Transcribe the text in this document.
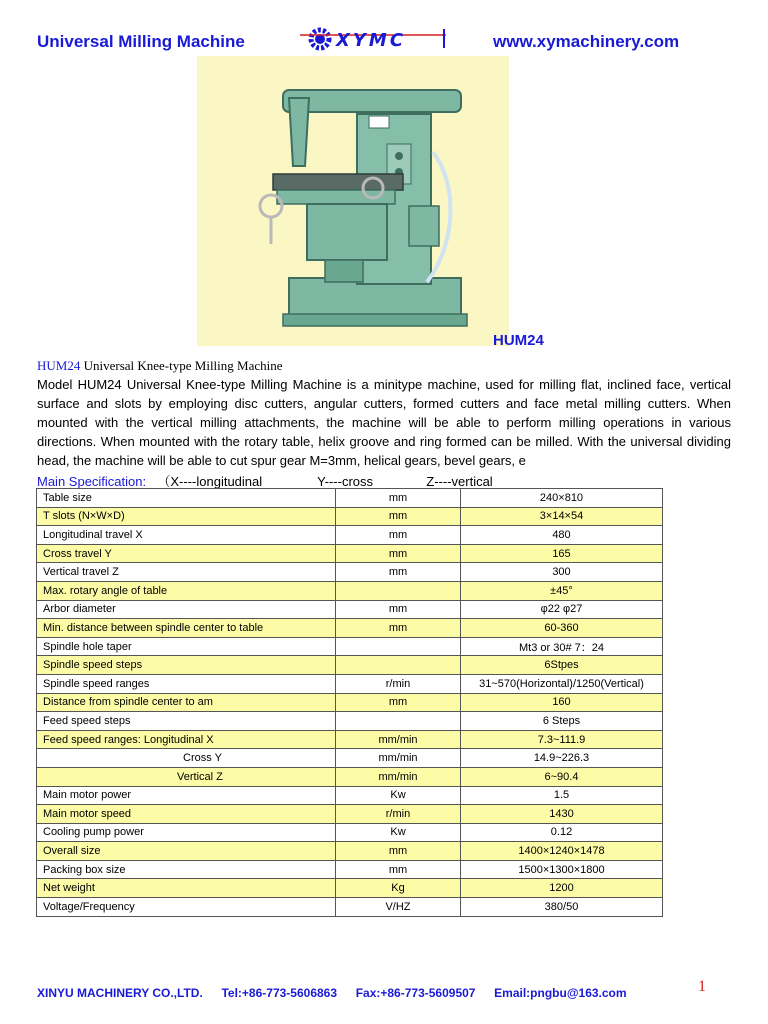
Universal Milling Machine	XYMC	www.xymachinery.com
HUM24
HUM24 Universal Knee-type Milling Machine
Model HUM24 Universal Knee-type Milling Machine is a minitype machine, used for milling flat, inclined face, vertical surface and slots by employing disc cutters, angular cutters, formed cutters and face metal milling cutters. When mounted with the vertical milling attachments, the machine will be able to perform milling operations in various directions. When mounted with the rotary table, helix groove and ring formed can be milled. With the universal dividing head, the machine will be able to cut spur gear M=3mm, helical gears, bevel gears, e
Main Specification: （X----longitudinal	Y----cross	Z----vertical
Table size	mm	240×810
T slots (N×W×D)	mm	3×14×54
Longitudinal travel X	mm	480
Cross travel Y	mm	165
Vertical travel Z	mm	300
Max. rotary angle of table		±45°
Arbor diameter	mm	φ22 φ27
Min. distance between spindle center to table	mm	60-360
Spindle hole taper		Mt3 or 30# 7：24
Spindle speed steps		6Stpes
Spindle speed ranges	r/min	31~570(Horizontal)/1250(Vertical)
Distance from spindle center to am	mm	160
Feed speed steps		6 Steps
Feed speed ranges: Longitudinal X	mm/min	7.3~111.9
Cross Y	mm/min	14.9~226.3
Vertical Z	mm/min	6~90.4
Main motor power	Kw	1.5
Main motor speed	r/min	1430
Cooling pump power	Kw	0.12
Overall size	mm	1400×1240×1478
Packing box size	mm	1500×1300×1800
Net weight	Kg	1200
Voltage/Frequency	V/HZ	380/50
XINYU MACHINERY CO.,LTD. Tel:+86-773-5606863 Fax:+86-773-5609507 Email:pngbu@163.com	1
